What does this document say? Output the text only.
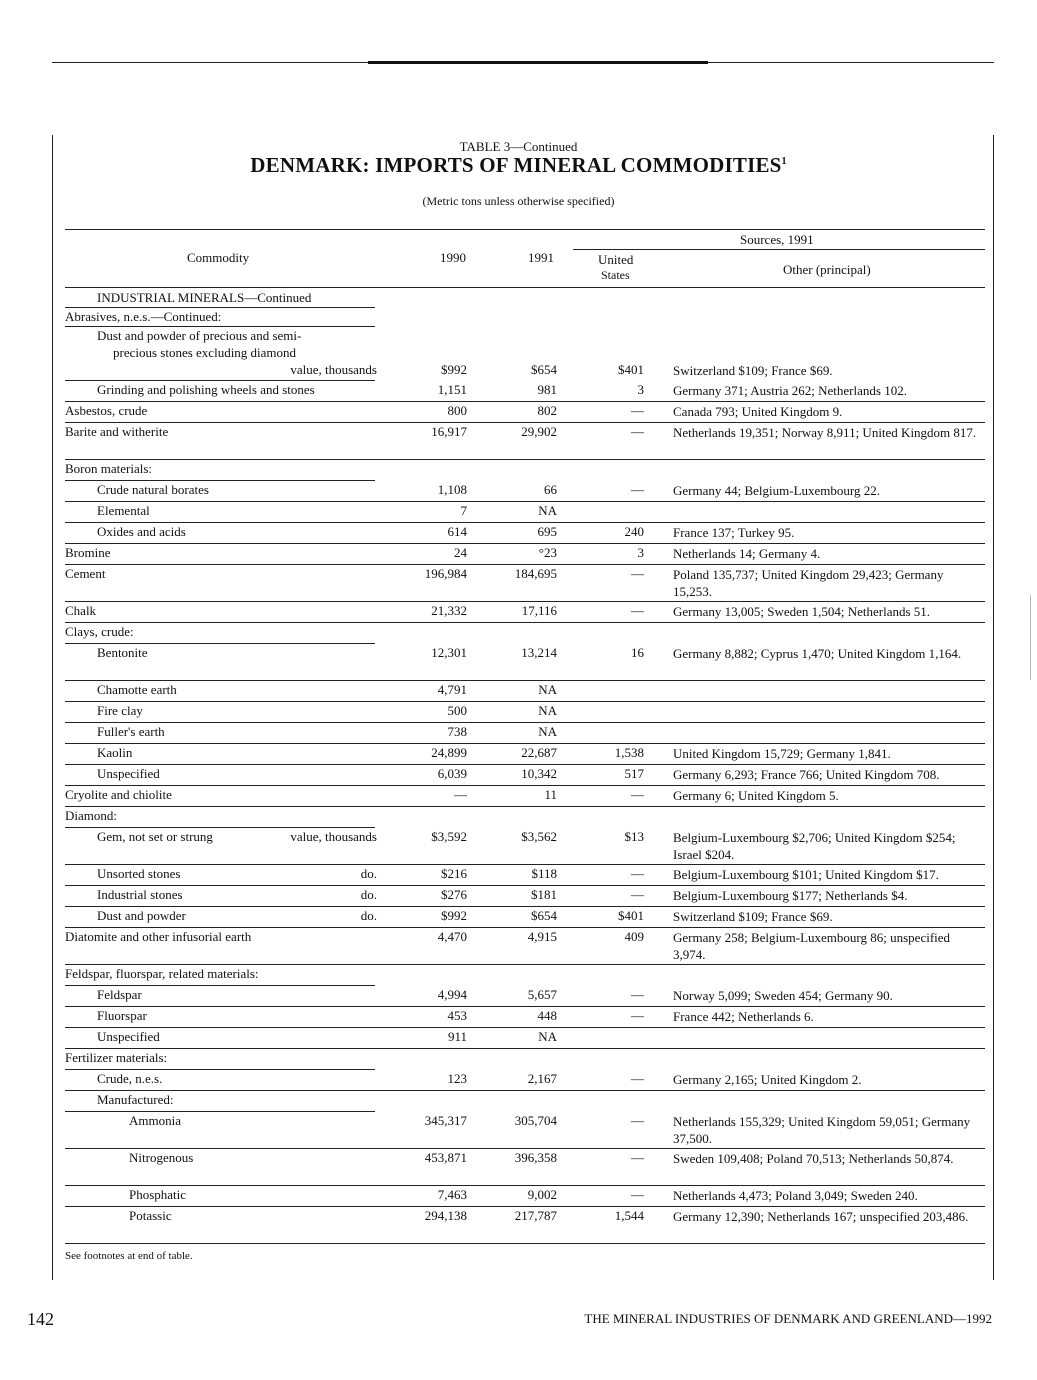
TABLE 3—Continued
DENMARK: IMPORTS OF MINERAL COMMODITIES$^1$
(Metric tons unless otherwise specified)
Commodity	1990	1991
Sources, 1991
United
States	Other (principal)
INDUSTRIAL MINERALS—Continued
Abrasives, n.e.s.—Continued:
Dust and powder of precious and semi-
precious stones excluding diamond
value, thousands	$992	$654	$401 Switzerland $109; France $69.
Grinding and polishing wheels and stones	1,151	981	3 Germany 371; Austria 262; Netherlands 102.
Asbestos, crude	800	802	— Canada 793; United Kingdom 9.
Barite and witherite	16,917	29,902	— Netherlands 19,351; Norway 8,911; United Kingdom 817.
Boron materials:
Crude natural borates	1,108	66	— Germany 44; Belgium-Luxembourg 22.
Elemental	7	NA
Oxides and acids	614	695	240 France 137; Turkey 95.
Bromine	24	°23	3 Netherlands 14; Germany 4.
Cement	196,984	184,695	— Poland 135,737; United Kingdom 29,423; Germany 15,253.
Chalk	21,332	17,116	— Germany 13,005; Sweden 1,504; Netherlands 51.
Clays, crude:
Bentonite	12,301	13,214	16 Germany 8,882; Cyprus 1,470; United Kingdom 1,164.
Chamotte earth	4,791	NA
Fire clay	500	NA
Fuller's earth	738	NA
Kaolin	24,899	22,687	1,538 United Kingdom 15,729; Germany 1,841.
Unspecified	6,039	10,342	517 Germany 6,293; France 766; United Kingdom 708.
Cryolite and chiolite	—	11	— Germany 6; United Kingdom 5.
Diamond:
Gem, not set or strung	value, thousands	$3,592	$3,562	$13 Belgium-Luxembourg $2,706; United Kingdom $254; Israel $204.
Unsorted stones	do.	$216	$118	— Belgium-Luxembourg $101; United Kingdom $17.
Industrial stones	do.	$276	$181	— Belgium-Luxembourg $177; Netherlands $4.
Dust and powder	do.	$992	$654	$401 Switzerland $109; France $69.
Diatomite and other infusorial earth	4,470	4,915	409 Germany 258; Belgium-Luxembourg 86; unspecified 3,974.
Feldspar, fluorspar, related materials:
Feldspar	4,994	5,657	— Norway 5,099; Sweden 454; Germany 90.
Fluorspar	453	448	— France 442; Netherlands 6.
Unspecified	911	NA
Fertilizer materials:
Crude, n.e.s.	123	2,167	— Germany 2,165; United Kingdom 2.
Manufactured:
Ammonia	345,317	305,704	— Netherlands 155,329; United Kingdom 59,051; Germany 37,500.
Nitrogenous	453,871	396,358	— Sweden 109,408; Poland 70,513; Netherlands 50,874.
Phosphatic	7,463	9,002	— Netherlands 4,473; Poland 3,049; Sweden 240.
Potassic	294,138	217,787	1,544 Germany 12,390; Netherlands 167; unspecified 203,486.
See footnotes at end of table.
142	THE MINERAL INDUSTRIES OF DENMARK AND GREENLAND—1992
